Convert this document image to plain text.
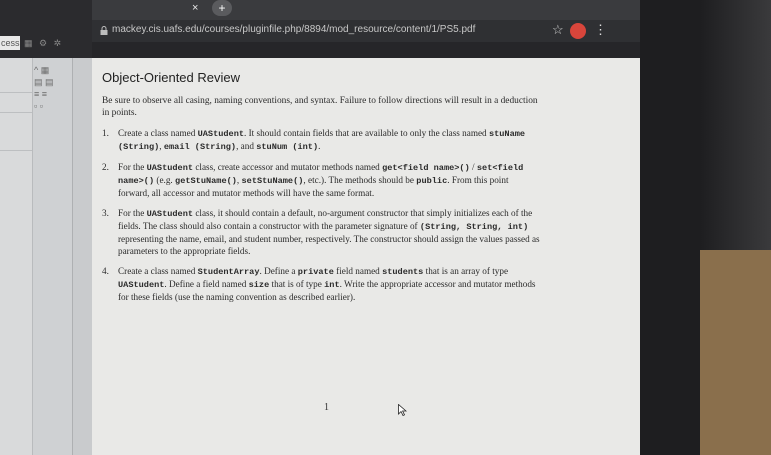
cess ▦ ⚙ ✲
^ ▦
▤ ▤
≡ ≡
▫ ▫
×	+
mackey.cis.uafs.edu/courses/pluginfile.php/8894/mod_resource/content/1/PS5.pdf	☆ ⋮
Object-Oriented Review
Be sure to observe all casing, naming conventions, and syntax. Failure to follow directions will result in a deduction in points.
1. Create a class named UAStudent. It should contain fields that are available to only the class named stuName (String), email (String), and stuNum (int).
2. For the UAStudent class, create accessor and mutator methods named get<field name>() / set<field name>() (e.g. getStuName(), setStuName(), etc.). The methods should be public. From this point forward, all accessor and mutator methods will have the same format.
3. For the UAStudent class, it should contain a default, no-argument constructor that simply initializes each of the fields. The class should also contain a constructor with the parameter signature of (String, String, int) representing the name, email, and student number, respectively. The constructor should assign the values passed as parameters to the appropriate fields.
4. Create a class named StudentArray. Define a private field named students that is an array of type UAStudent. Define a field named size that is of type int. Write the appropriate accessor and mutator methods for these fields (use the naming convention as described earlier).
1
